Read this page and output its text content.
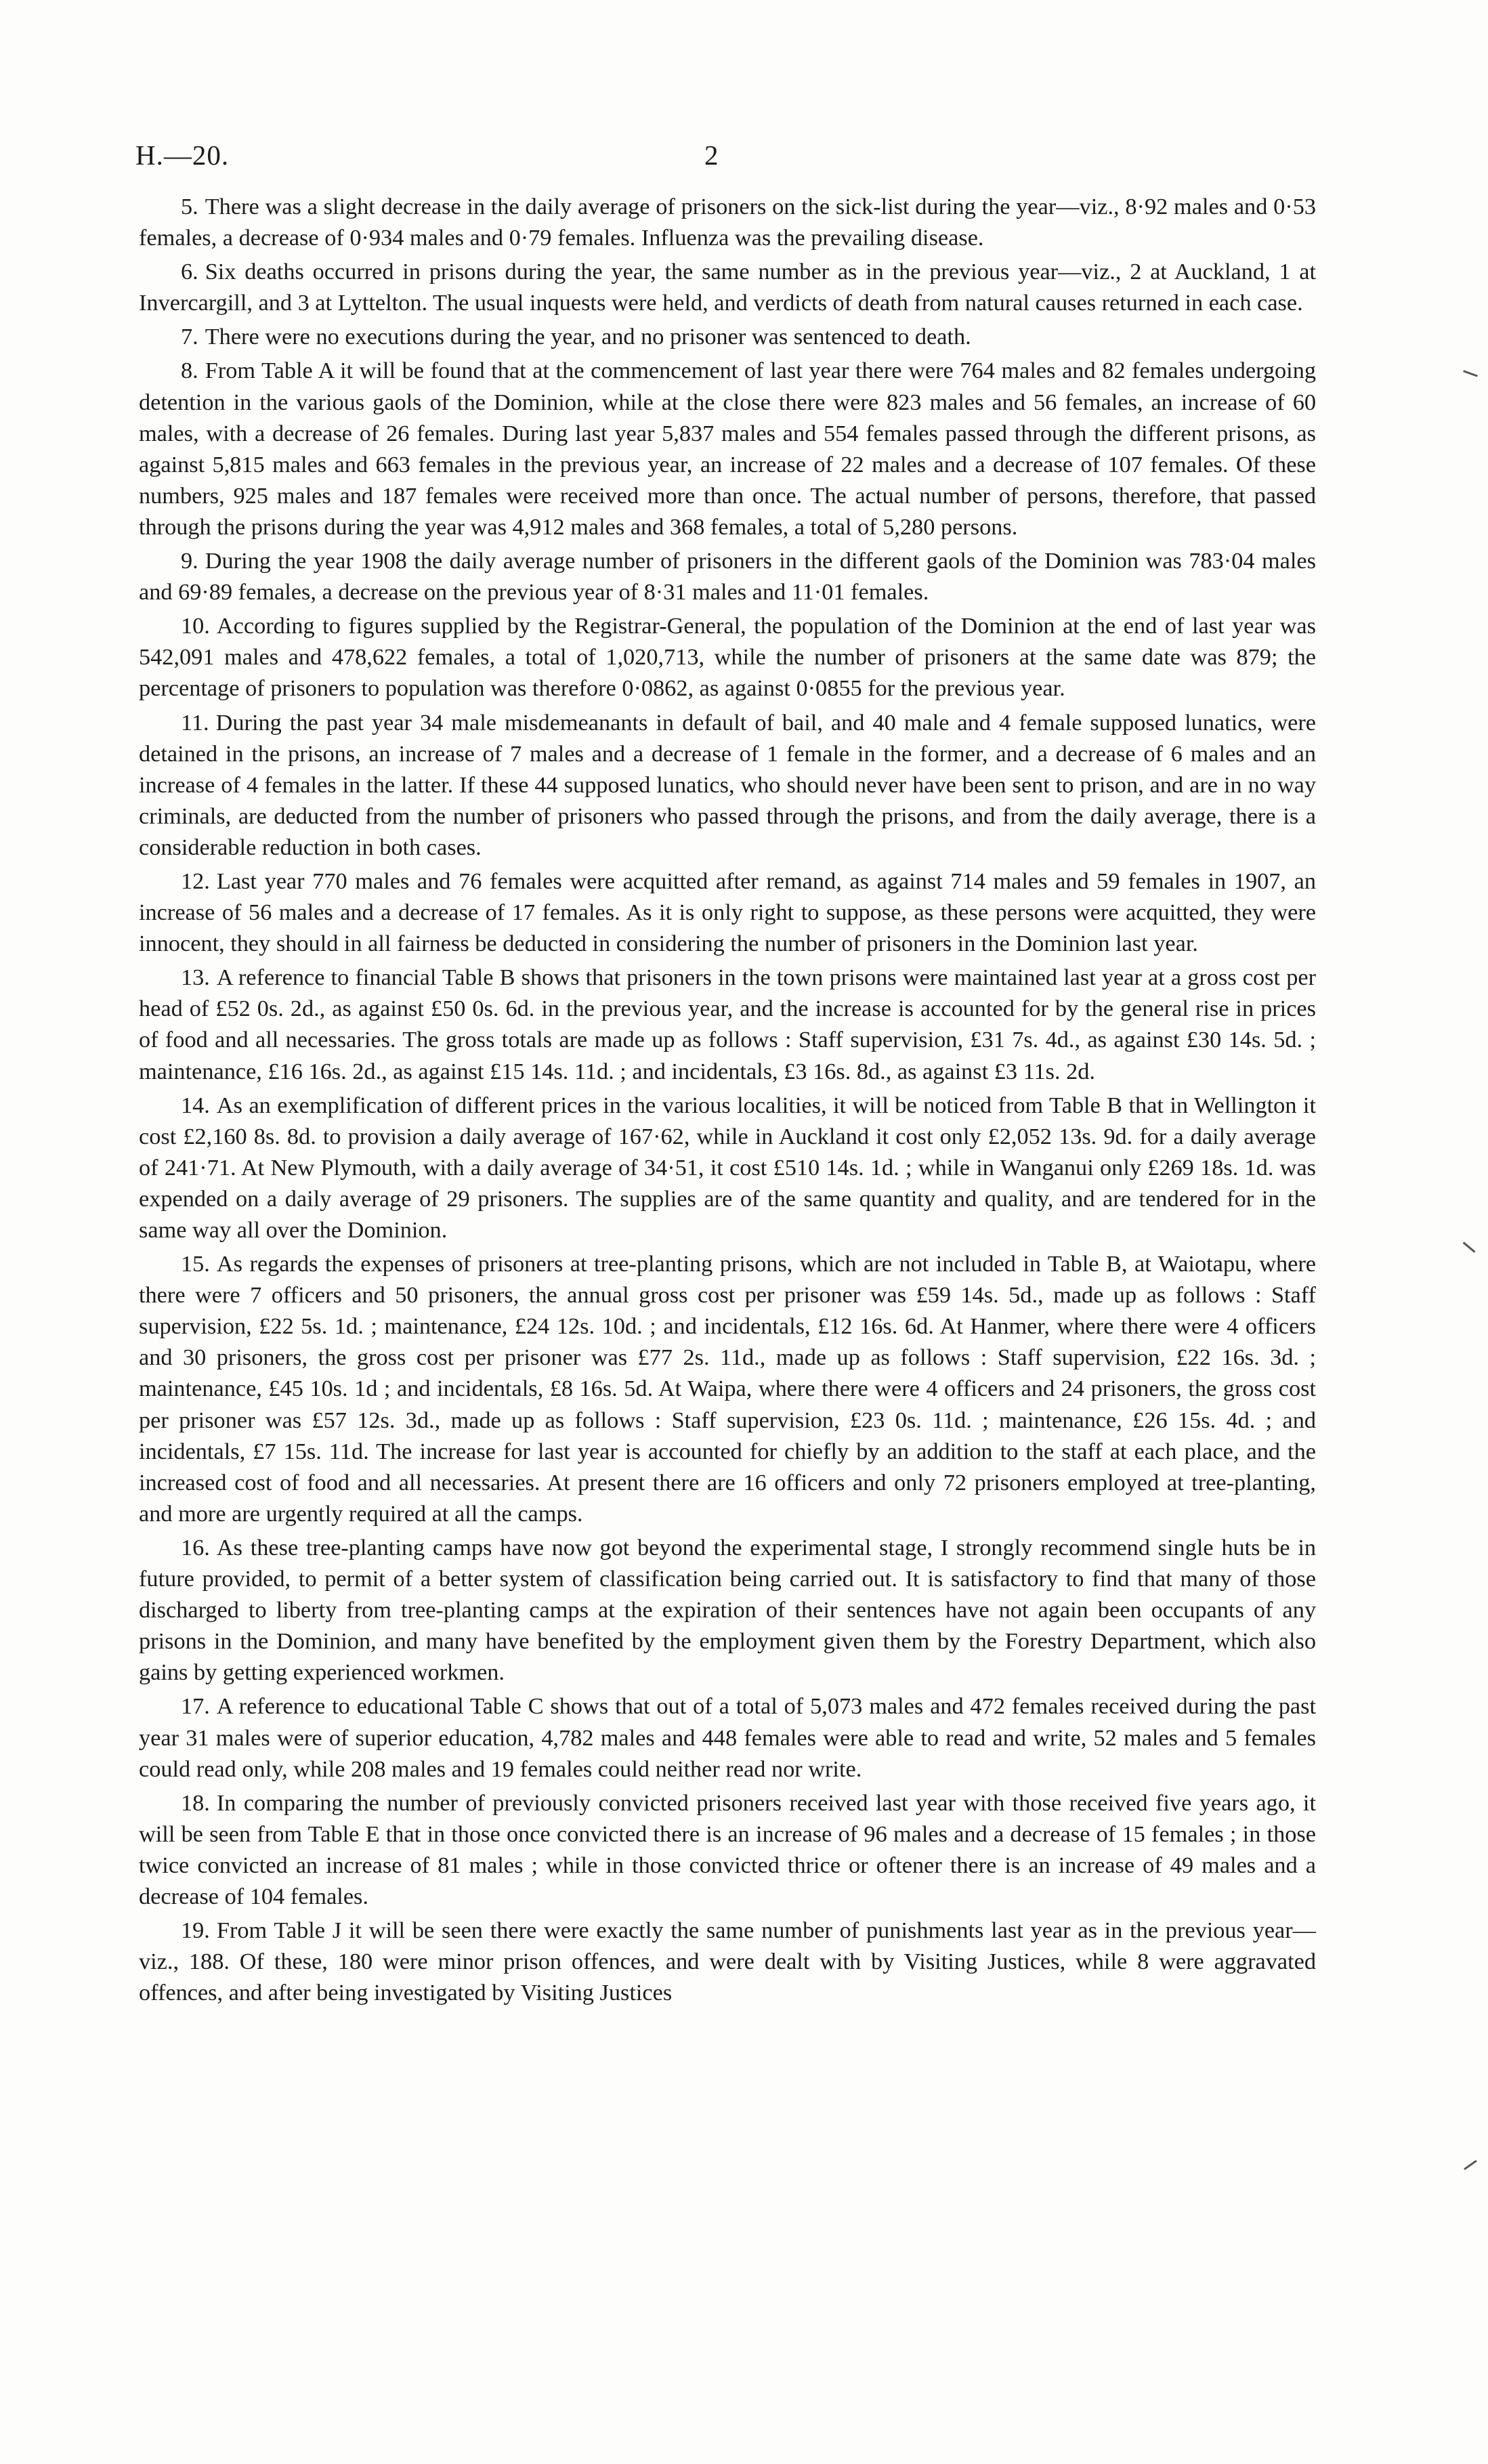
H.—20.	2

5. There was a slight decrease in the daily average of prisoners on the sick-list during the year—viz., 8·92 males and 0·53 females, a decrease of 0·934 males and 0·79 females. Influenza was the prevailing disease.

6. Six deaths occurred in prisons during the year, the same number as in the previous year—viz., 2 at Auckland, 1 at Invercargill, and 3 at Lyttelton. The usual inquests were held, and verdicts of death from natural causes returned in each case.

7. There were no executions during the year, and no prisoner was sentenced to death.

8. From Table A it will be found that at the commencement of last year there were 764 males and 82 females undergoing detention in the various gaols of the Dominion, while at the close there were 823 males and 56 females, an increase of 60 males, with a decrease of 26 females. During last year 5,837 males and 554 females passed through the different prisons, as against 5,815 males and 663 females in the previous year, an increase of 22 males and a decrease of 107 females. Of these numbers, 925 males and 187 females were received more than once. The actual number of persons, therefore, that passed through the prisons during the year was 4,912 males and 368 females, a total of 5,280 persons.

9. During the year 1908 the daily average number of prisoners in the different gaols of the Dominion was 783·04 males and 69·89 females, a decrease on the previous year of 8·31 males and 11·01 females.

10. According to figures supplied by the Registrar-General, the population of the Dominion at the end of last year was 542,091 males and 478,622 females, a total of 1,020,713, while the number of prisoners at the same date was 879; the percentage of prisoners to population was therefore 0·0862, as against 0·0855 for the previous year.

11. During the past year 34 male misdemeanants in default of bail, and 40 male and 4 female supposed lunatics, were detained in the prisons, an increase of 7 males and a decrease of 1 female in the former, and a decrease of 6 males and an increase of 4 females in the latter. If these 44 supposed lunatics, who should never have been sent to prison, and are in no way criminals, are deducted from the number of prisoners who passed through the prisons, and from the daily average, there is a considerable reduction in both cases.

12. Last year 770 males and 76 females were acquitted after remand, as against 714 males and 59 females in 1907, an increase of 56 males and a decrease of 17 females. As it is only right to suppose, as these persons were acquitted, they were innocent, they should in all fairness be deducted in considering the number of prisoners in the Dominion last year.

13. A reference to financial Table B shows that prisoners in the town prisons were maintained last year at a gross cost per head of £52 0s. 2d., as against £50 0s. 6d. in the previous year, and the increase is accounted for by the general rise in prices of food and all necessaries. The gross totals are made up as follows : Staff supervision, £31 7s. 4d., as against £30 14s. 5d. ; maintenance, £16 16s. 2d., as against £15 14s. 11d. ; and incidentals, £3 16s. 8d., as against £3 11s. 2d.

14. As an exemplification of different prices in the various localities, it will be noticed from Table B that in Wellington it cost £2,160 8s. 8d. to provision a daily average of 167·62, while in Auckland it cost only £2,052 13s. 9d. for a daily average of 241·71. At New Plymouth, with a daily average of 34·51, it cost £510 14s. 1d. ; while in Wanganui only £269 18s. 1d. was expended on a daily average of 29 prisoners. The supplies are of the same quantity and quality, and are tendered for in the same way all over the Dominion.

15. As regards the expenses of prisoners at tree-planting prisons, which are not included in Table B, at Waiotapu, where there were 7 officers and 50 prisoners, the annual gross cost per prisoner was £59 14s. 5d., made up as follows : Staff supervision, £22 5s. 1d. ; maintenance, £24 12s. 10d. ; and incidentals, £12 16s. 6d. At Hanmer, where there were 4 officers and 30 prisoners, the gross cost per prisoner was £77 2s. 11d., made up as follows : Staff supervision, £22 16s. 3d. ; maintenance, £45 10s. 1d ; and incidentals, £8 16s. 5d. At Waipa, where there were 4 officers and 24 prisoners, the gross cost per prisoner was £57 12s. 3d., made up as follows : Staff supervision, £23 0s. 11d. ; maintenance, £26 15s. 4d. ; and incidentals, £7 15s. 11d. The increase for last year is accounted for chiefly by an addition to the staff at each place, and the increased cost of food and all necessaries. At present there are 16 officers and only 72 prisoners employed at tree-planting, and more are urgently required at all the camps.

16. As these tree-planting camps have now got beyond the experimental stage, I strongly recommend single huts be in future provided, to permit of a better system of classification being carried out. It is satisfactory to find that many of those discharged to liberty from tree-planting camps at the expiration of their sentences have not again been occupants of any prisons in the Dominion, and many have benefited by the employment given them by the Forestry Department, which also gains by getting experienced workmen.

17. A reference to educational Table C shows that out of a total of 5,073 males and 472 females received during the past year 31 males were of superior education, 4,782 males and 448 females were able to read and write, 52 males and 5 females could read only, while 208 males and 19 females could neither read nor write.

18. In comparing the number of previously convicted prisoners received last year with those received five years ago, it will be seen from Table E that in those once convicted there is an increase of 96 males and a decrease of 15 females ; in those twice convicted an increase of 81 males ; while in those convicted thrice or oftener there is an increase of 49 males and a decrease of 104 females.

19. From Table J it will be seen there were exactly the same number of punishments last year as in the previous year—viz., 188. Of these, 180 were minor prison offences, and were dealt with by Visiting Justices, while 8 were aggravated offences, and after being investigated by Visiting Justices
